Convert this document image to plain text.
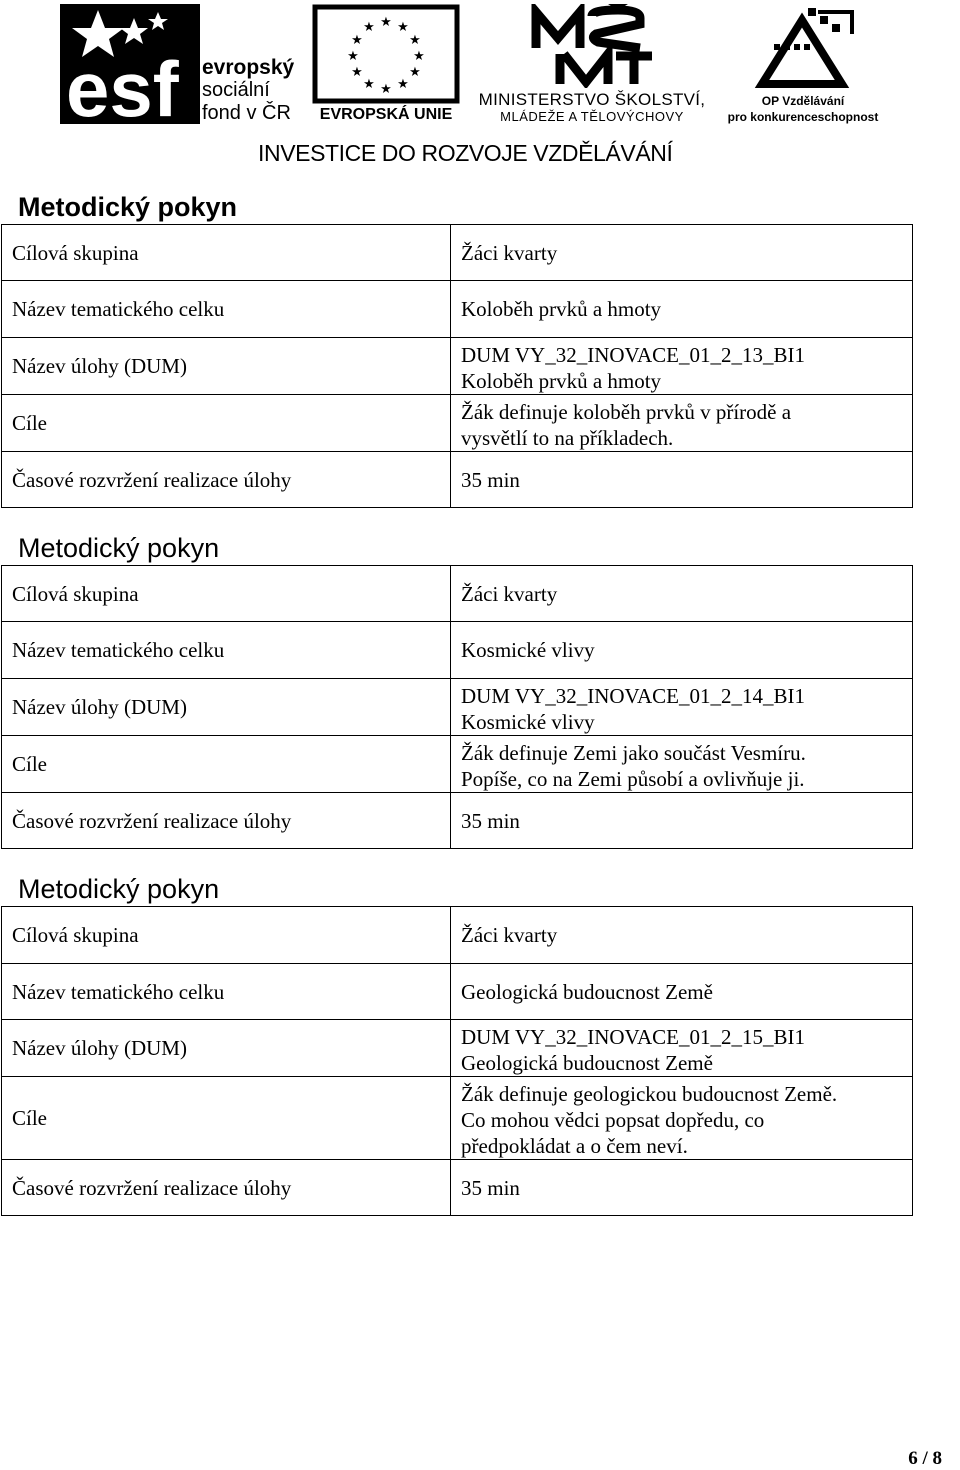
esf evropský
sociální
fond v ČR
★ ★
★
★
★
★
★
★
★
★
★
★
EVROPSKÁ UNIE
MINISTERSTVO ŠKOLSTVÍ,
MLÁDEŽE A TĚLOVÝCHOVY
OP Vzdělávání
pro konkurenceschopnost
INVESTICE DO ROZVOJE VZDĚLÁVÁNÍ
Metodický pokyn
Cílová skupina	Žáci kvarty
Název tematického celku	Koloběh prvků a hmoty
Název úlohy (DUM)	DUM VY_32_INOVACE_01_2_13_BI1
Koloběh prvků a hmoty

Cíle	Žák definuje koloběh prvků v přírodě a
vysvětlí to na příkladech.

Časové rozvržení realizace úlohy	35 min
Metodický pokyn
Cílová skupina	Žáci kvarty
Název tematického celku	Kosmické vlivy
Název úlohy (DUM)	DUM VY_32_INOVACE_01_2_14_BI1
Kosmické vlivy

Cíle	Žák definuje Zemi jako součást Vesmíru.
Popíše, co na Zemi působí a ovlivňuje ji.

Časové rozvržení realizace úlohy	35 min
Metodický pokyn
Cílová skupina	Žáci kvarty
Název tematického celku	Geologická budoucnost Země
Název úlohy (DUM)	DUM VY_32_INOVACE_01_2_15_BI1
Geologická budoucnost Země

Cíle	Žák definuje geologickou budoucnost Země.
Co mohou vědci popsat dopředu, co
předpokládat a o čem neví.

Časové rozvržení realizace úlohy	35 min
6 / 8
